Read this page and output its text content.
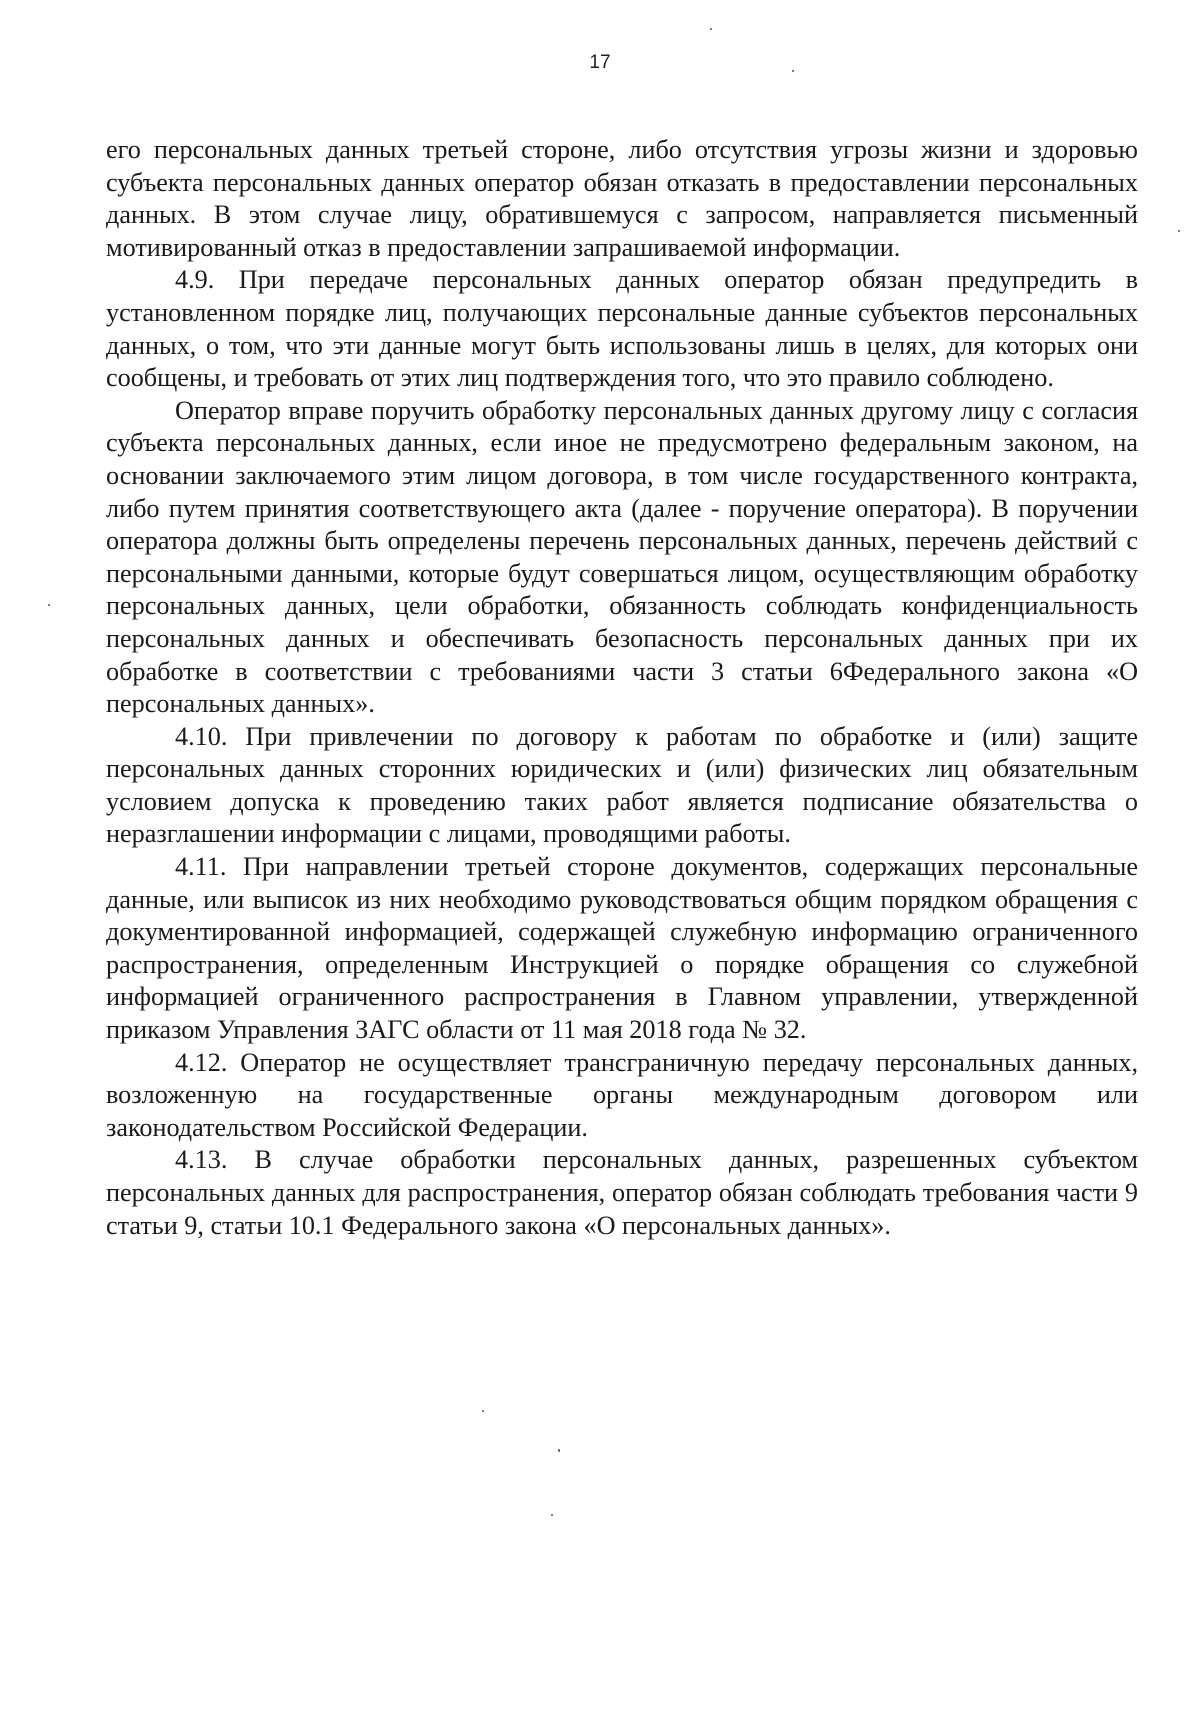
17

его персональных данных третьей стороне, либо отсутствия угрозы жизни и здоровью субъекта персональных данных оператор обязан отказать в предоставлении персональных данных. В этом случае лицу, обратившемуся с запросом, направляется письменный мотивированный отказ в предоставлении запрашиваемой информации.

4.9. При передаче персональных данных оператор обязан предупредить в установленном порядке лиц, получающих персональные данные субъектов персональных данных, о том, что эти данные могут быть использованы лишь в целях, для которых они сообщены, и требовать от этих лиц подтверждения того, что это правило соблюдено.

Оператор вправе поручить обработку персональных данных другому лицу с согласия субъекта персональных данных, если иное не предусмотрено федеральным законом, на основании заключаемого этим лицом договора, в том числе государственного контракта, либо путем принятия соответствующего акта (далее - поручение оператора). В поручении оператора должны быть определены перечень персональных данных, перечень действий с персональными данными, которые будут совершаться лицом, осуществляющим обработку персональных данных, цели обработки, обязанность соблюдать конфиденциальность персональных данных и обеспечивать безопасность персональных данных при их обработке в соответствии с требованиями части 3 статьи 6Федерального закона «О персональных данных».

4.10. При привлечении по договору к работам по обработке и (или) защите персональных данных сторонних юридических и (или) физических лиц обязательным условием допуска к проведению таких работ является подписание обязательства о неразглашении информации с лицами, проводящими работы.

4.11. При направлении третьей стороне документов, содержащих персональные данные, или выписок из них необходимо руководствоваться общим порядком обращения с документированной информацией, содержащей служебную информацию ограниченного распространения, определенным Инструкцией о порядке обращения со служебной информацией ограниченного распространения в Главном управлении, утвержденной приказом Управления ЗАГС области от 11 мая 2018 года № 32.

4.12. Оператор не осуществляет трансграничную передачу персональных данных, возложенную на государственные органы международным договором или законодательством Российской Федерации.

4.13. В случае обработки персональных данных, разрешенных субъектом персональных данных для распространения, оператор обязан соблюдать требования части 9 статьи 9, статьи 10.1 Федерального закона «О персональных данных».
